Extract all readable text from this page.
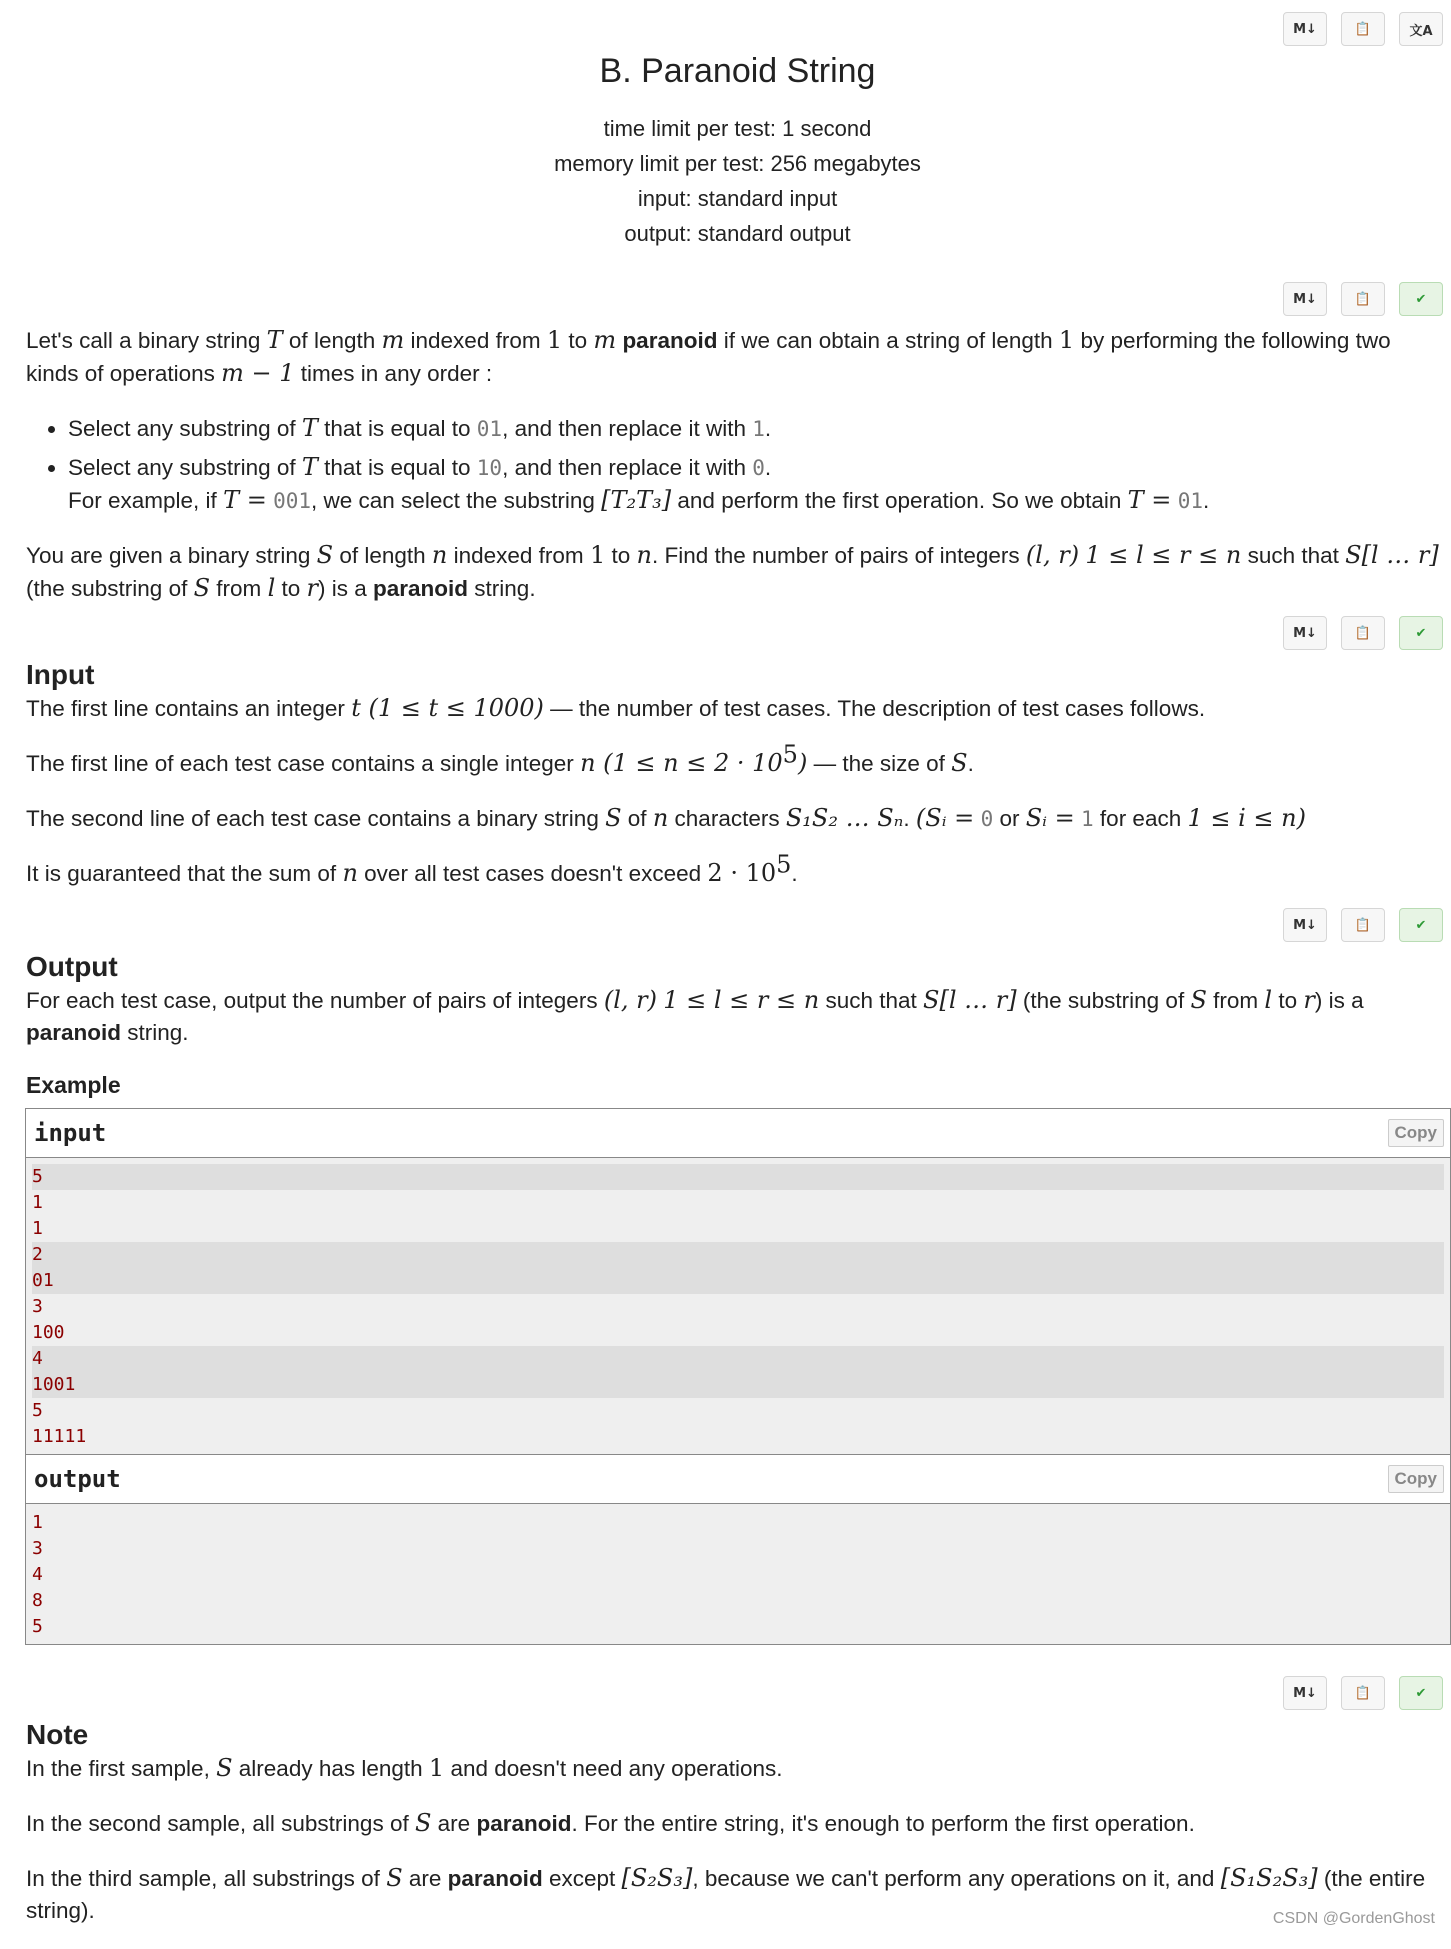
M↓	📋	文A
B. Paranoid String
time limit per test: 1 second
memory limit per test: 256 megabytes
input: standard input
output: standard output
M↓	📋	✔

Let's call a binary string T of length m indexed from 1 to m paranoid if we can obtain a string of length 1 by performing the following two kinds of operations m − 1 times in any order :

• Select any substring of T that is equal to 01, and then replace it with 1.
• Select any substring of T that is equal to 10, and then replace it with 0.
For example, if T = 001, we can select the substring [T₂T₃] and perform the first operation. So we obtain T = 01.

You are given a binary string S of length n indexed from 1 to n. Find the number of pairs of integers (l, r) 1 ≤ l ≤ r ≤ n such that S[l … r] (the substring of S from l to r) is a paranoid string.

M↓	📋	✔
Input

The first line contains an integer t (1 ≤ t ≤ 1000) — the number of test cases. The description of test cases follows.

The first line of each test case contains a single integer n $(1 \le n \le 2 \cdot 10^5)$ — the size of S.

The second line of each test case contains a binary string S of n characters S₁S₂ … Sₙ. (Sᵢ = 0 or Sᵢ = 1 for each 1 ≤ i ≤ n)

It is guaranteed that the sum of n over all test cases doesn't exceed $2 \cdot 10^5$.

M↓	📋	✔
Output

For each test case, output the number of pairs of integers (l, r) 1 ≤ l ≤ r ≤ n such that S[l … r] (the substring of S from l to r) is a paranoid string.

Example
input	Copy
5
1
1
2
01
3
100
4
1001
5
11111
output	Copy
1
3
4
8
5
M↓	📋	✔
Note

In the first sample, S already has length 1 and doesn't need any operations.

In the second sample, all substrings of S are paranoid. For the entire string, it's enough to perform the first operation.

In the third sample, all substrings of S are paranoid except [S₂S₃], because we can't perform any operations on it, and [S₁S₂S₃] (the entire string).	CSDN @GordenGhost
